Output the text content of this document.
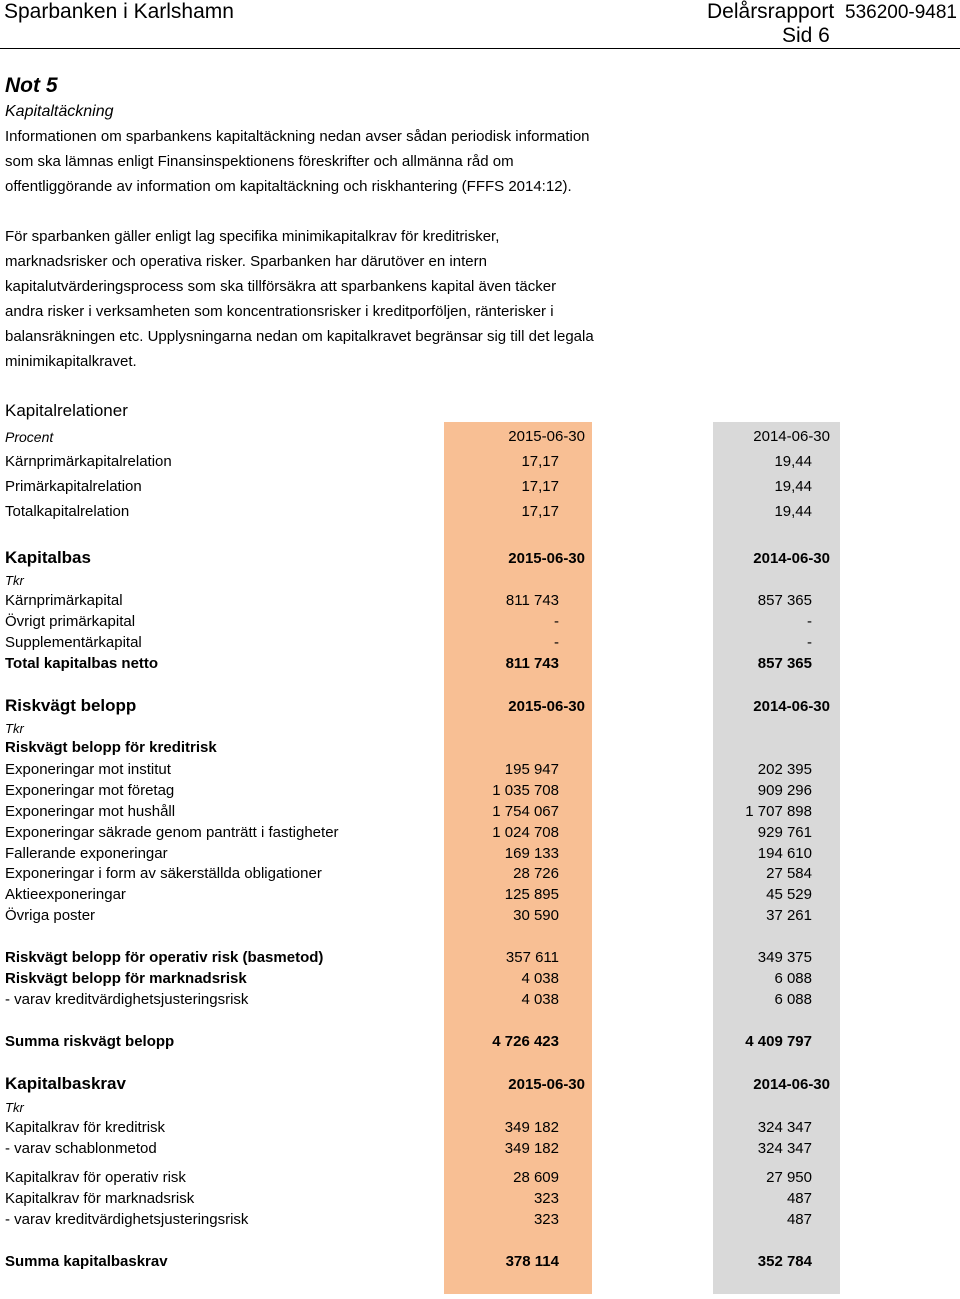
Sparbanken i Karlshamn	Delårsrapport 536200-9481
Sid 6
Not 5
Kapitaltäckning
Informationen om sparbankens kapitaltäckning nedan avser sådan periodisk information
som ska lämnas enligt Finansinspektionens föreskrifter och allmänna råd om
offentliggörande av information om kapitaltäckning och riskhantering (FFFS 2014:12).
För sparbanken gäller enligt lag specifika minimikapitalkrav för kreditrisker,
marknadsrisker och operativa risker. Sparbanken har därutöver en intern
kapitalutvärderingsprocess som ska tillförsäkra att sparbankens kapital även täcker
andra risker i verksamheten som koncentrationsrisker i kreditporföljen, ränterisker i
balansräkningen etc. Upplysningarna nedan om kapitalkravet begränsar sig till det legala
minimikapitalkravet.
Kapitalrelationer
Procent	2015-06-30	2014-06-30
Kärnprimärkapitalrelation	17,17	19,44
Primärkapitalrelation	17,17	19,44
Totalkapitalrelation	17,17	19,44
Kapitalbas	2015-06-30	2014-06-30
Tkr
Kärnprimärkapital	811 743	857 365
Övrigt primärkapital	-	-
Supplementärkapital	-	-
Total kapitalbas netto	811 743	857 365
Riskvägt belopp	2015-06-30	2014-06-30
Tkr
Riskvägt belopp för kreditrisk
Exponeringar mot institut	195 947	202 395
Exponeringar mot företag	1 035 708	909 296
Exponeringar mot hushåll	1 754 067	1 707 898
Exponeringar säkrade genom panträtt i fastigheter	1 024 708	929 761
Fallerande exponeringar	169 133	194 610
Exponeringar i form av säkerställda obligationer	28 726	27 584
Aktieexponeringar	125 895	45 529
Övriga poster	30 590	37 261
Riskvägt belopp för operativ risk (basmetod)	357 611	349 375
Riskvägt belopp för marknadsrisk	4 038	6 088
- varav kreditvärdighetsjusteringsrisk	4 038	6 088
Summa riskvägt belopp	4 726 423	4 409 797
Kapitalbaskrav	2015-06-30	2014-06-30
Tkr
Kapitalkrav för kreditrisk	349 182	324 347
- varav schablonmetod	349 182	324 347
Kapitalkrav för operativ risk	28 609	27 950
Kapitalkrav för marknadsrisk	323	487
- varav kreditvärdighetsjusteringsrisk	323	487
Summa kapitalbaskrav	378 114	352 784
